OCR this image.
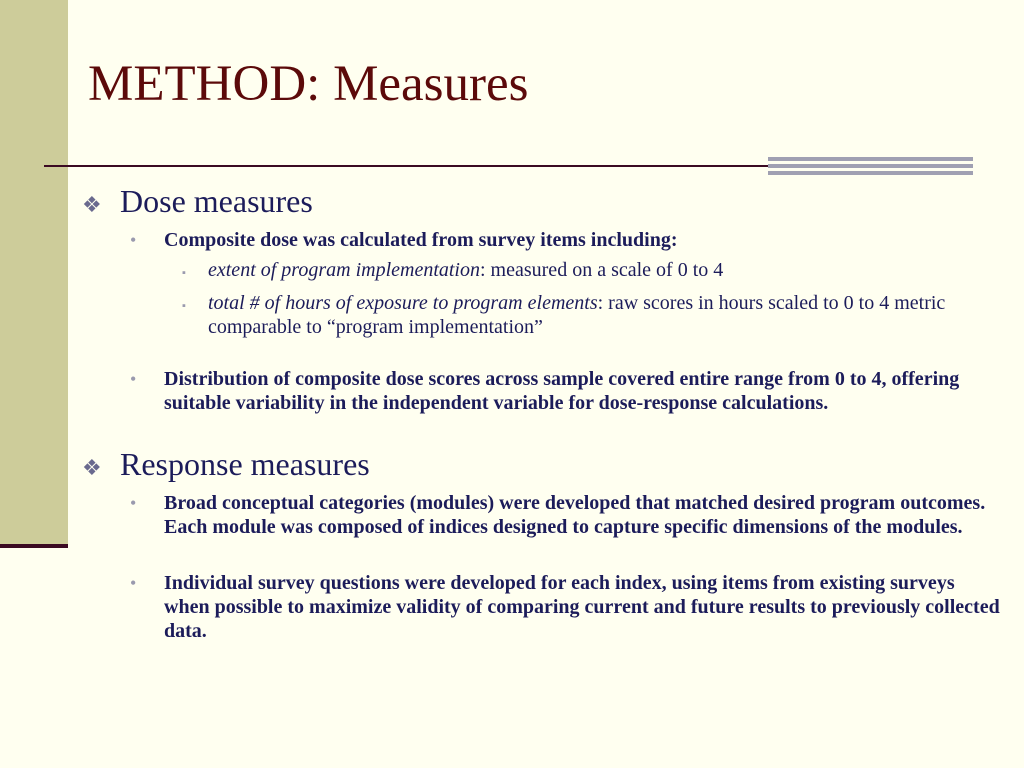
METHOD: Measures
❖ Dose measures
•	Composite dose was calculated from survey items including:
▪	extent of program implementation: measured on a scale of 0 to 4
▪	total # of hours of exposure to program elements: raw scores in hours scaled to 0 to 4 metric comparable to “program implementation”
•	Distribution of composite dose scores across sample covered entire range from 0 to 4, offering suitable variability in the independent variable for dose-response calculations.
❖ Response measures
•	Broad conceptual categories (modules) were developed that matched desired program outcomes. Each module was composed of indices designed to capture specific dimensions of the modules.
•	Individual survey questions were developed for each index, using items from existing surveys when possible to maximize validity of comparing current and future results to previously collected data.
